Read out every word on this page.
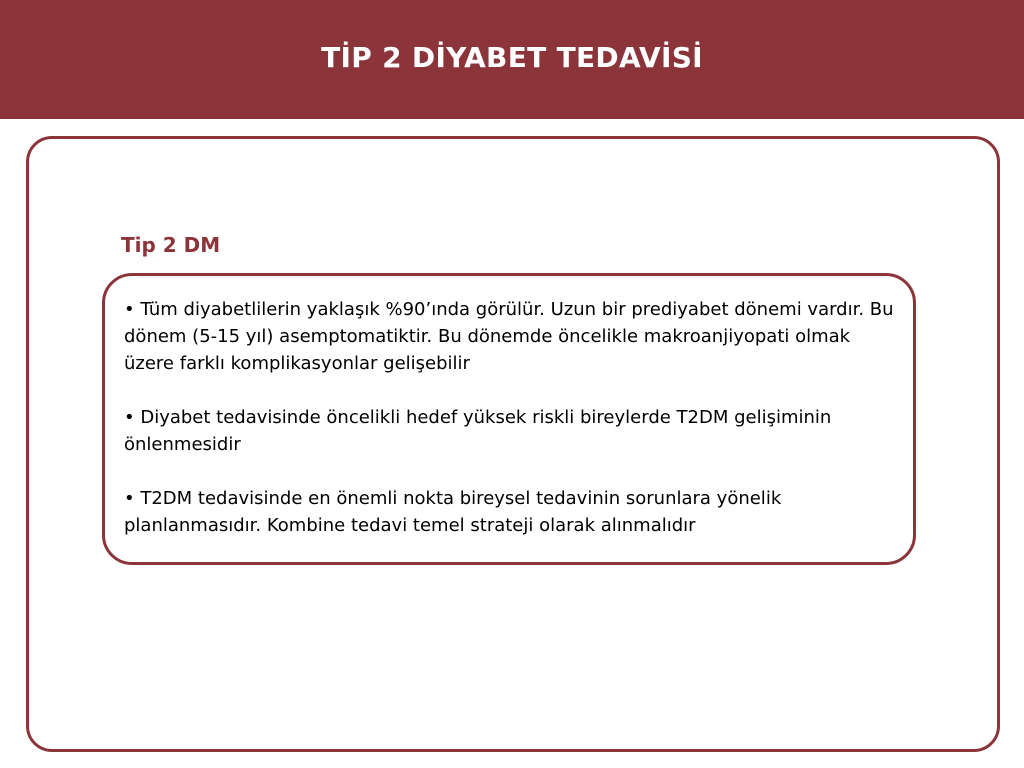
TİP 2 DİYABET TEDAVİSİ
Tip 2 DM
• Tüm diyabetlilerin yaklaşık %90’ında görülür. Uzun bir prediyabet dönemi vardır. Bu dönem (5-15 yıl) asemptomatiktir. Bu dönemde öncelikle makroanjiyopati olmak üzere farklı komplikasyonlar gelişebilir
• Diyabet tedavisinde öncelikli hedef yüksek riskli bireylerde T2DM gelişiminin önlenmesidir
• T2DM tedavisinde en önemli nokta bireysel tedavinin sorunlara yönelik planlanmasıdır. Kombine tedavi temel strateji olarak alınmalıdır
